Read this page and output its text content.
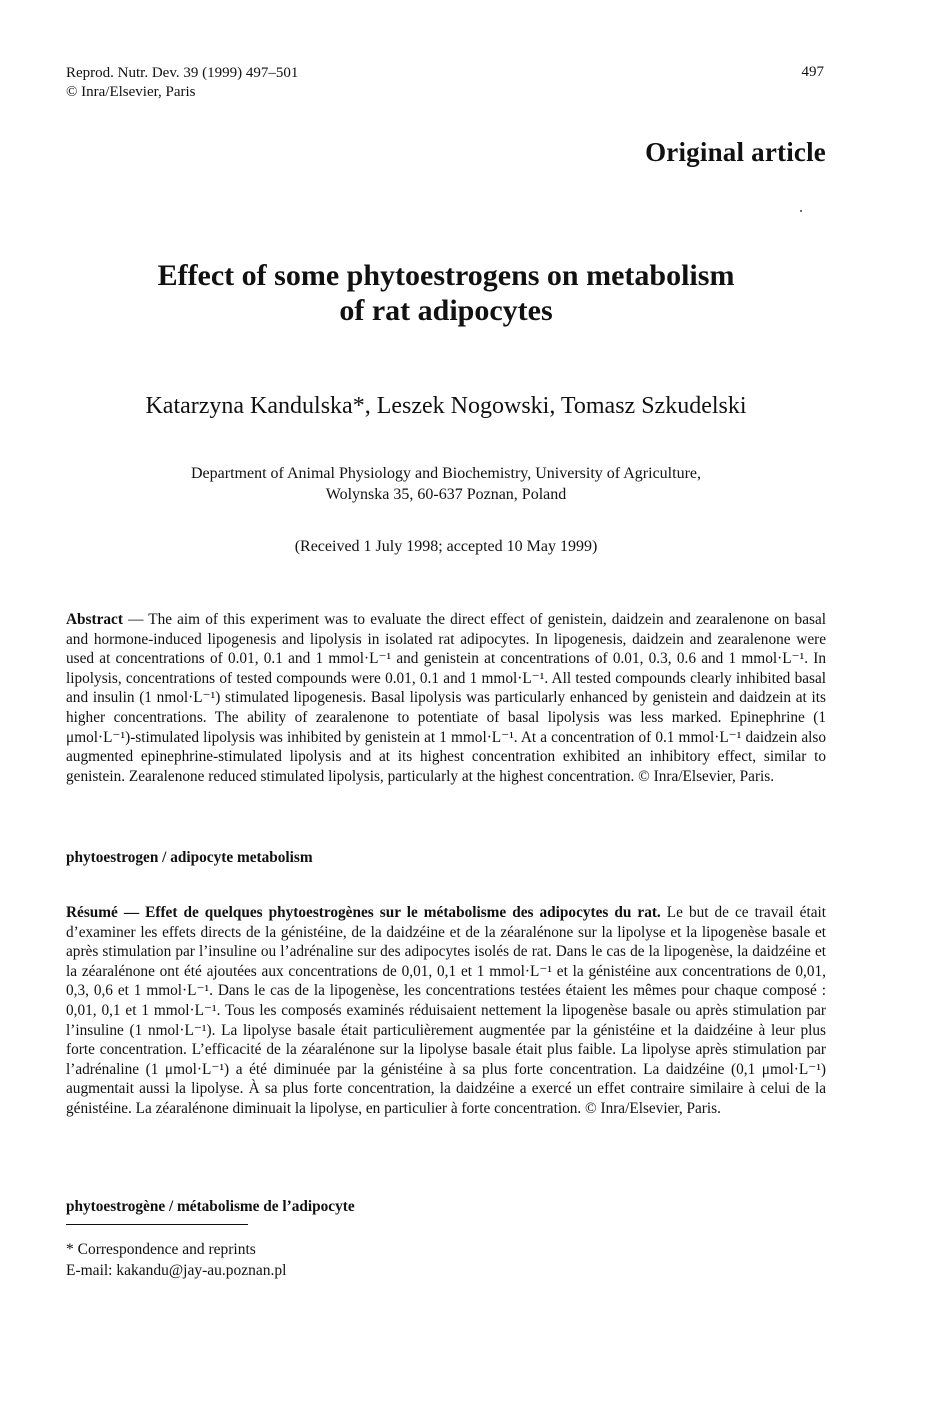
Reprod. Nutr. Dev. 39 (1999) 497–501
© Inra/Elsevier, Paris
497
Original article
Effect of some phytoestrogens on metabolism
of rat adipocytes
Katarzyna Kandulska*, Leszek Nogowski, Tomasz Szkudelski
Department of Animal Physiology and Biochemistry, University of Agriculture,
Wolynska 35, 60-637 Poznan, Poland
(Received 1 July 1998; accepted 10 May 1999)
Abstract — The aim of this experiment was to evaluate the direct effect of genistein, daidzein and zearalenone on basal and hormone-induced lipogenesis and lipolysis in isolated rat adipocytes. In lipogenesis, daidzein and zearalenone were used at concentrations of 0.01, 0.1 and 1 mmol·L⁻¹ and genistein at concentrations of 0.01, 0.3, 0.6 and 1 mmol·L⁻¹. In lipolysis, concentrations of tested compounds were 0.01, 0.1 and 1 mmol·L⁻¹. All tested compounds clearly inhibited basal and insulin (1 nmol·L⁻¹) stimulated lipogenesis. Basal lipolysis was particularly enhanced by genistein and daidzein at its higher concentrations. The ability of zearalenone to potentiate of basal lipolysis was less marked. Epinephrine (1 μmol·L⁻¹)-stimulated lipolysis was inhibited by genistein at 1 mmol·L⁻¹. At a concentration of 0.1 mmol·L⁻¹ daidzein also augmented epinephrine-stimulated lipolysis and at its highest concentration exhibited an inhibitory effect, similar to genistein. Zearalenone reduced stimulated lipolysis, particularly at the highest concentration. © Inra/Elsevier, Paris.
phytoestrogen / adipocyte metabolism
Résumé — Effet de quelques phytoestrogènes sur le métabolisme des adipocytes du rat. Le but de ce travail était d’examiner les effets directs de la génistéine, de la daidzéine et de la zéaralénone sur la lipolyse et la lipogenèse basale et après stimulation par l’insuline ou l’adrénaline sur des adipocytes isolés de rat. Dans le cas de la lipogenèse, la daidzéine et la zéaralénone ont été ajoutées aux concentrations de 0,01, 0,1 et 1 mmol·L⁻¹ et la génistéine aux concentrations de 0,01, 0,3, 0,6 et 1 mmol·L⁻¹. Dans le cas de la lipogenèse, les concentrations testées étaient les mêmes pour chaque composé : 0,01, 0,1 et 1 mmol·L⁻¹. Tous les composés examinés réduisaient nettement la lipogenèse basale ou après stimulation par l’insuline (1 nmol·L⁻¹). La lipolyse basale était particulièrement augmentée par la génistéine et la daidzéine à leur plus forte concentration. L’efficacité de la zéaralénone sur la lipolyse basale était plus faible. La lipolyse après stimulation par l’adrénaline (1 μmol·L⁻¹) a été diminuée par la génistéine à sa plus forte concentration. La daidzéine (0,1 μmol·L⁻¹) augmentait aussi la lipolyse. À sa plus forte concentration, la daidzéine a exercé un effet contraire similaire à celui de la génistéine. La zéaralénone diminuait la lipolyse, en particulier à forte concentration. © Inra/Elsevier, Paris.
phytoestrogène / métabolisme de l’adipocyte
* Correspondence and reprints
E-mail: kakandu@jay-au.poznan.pl
